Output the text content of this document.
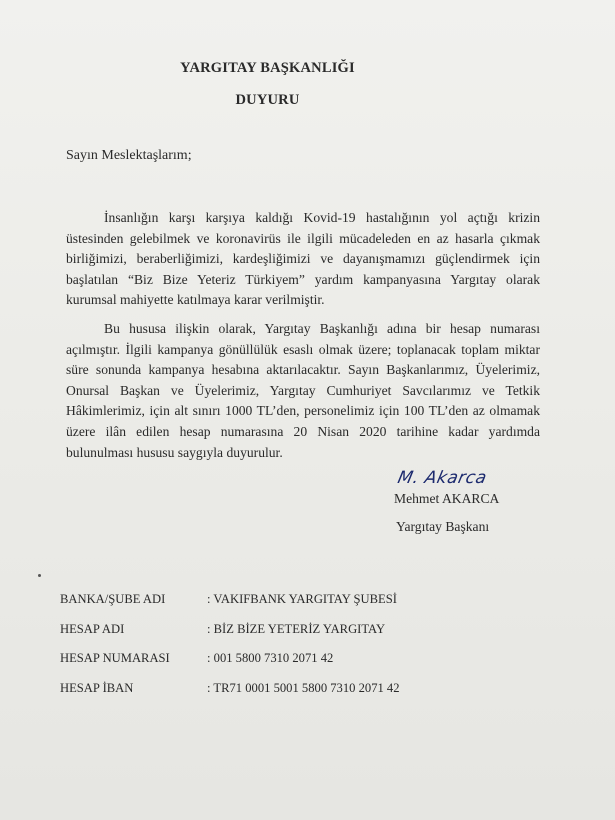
YARGITAY BAŞKANLIĞI
DUYURU
Sayın Meslektaşlarım;

İnsanlığın karşı karşıya kaldığı Kovid-19 hastalığının yol açtığı krizin üstesinden gelebilmek ve koronavirüs ile ilgili mücadeleden en az hasarla çıkmak birliğimizi, beraberliğimizi, kardeşliğimizi ve dayanışmamızı güçlendirmek için başlatılan “Biz Bize Yeteriz Türkiyem” yardım kampanyasına Yargıtay olarak kurumsal mahiyette katılmaya karar verilmiştir.

Bu hususa ilişkin olarak, Yargıtay Başkanlığı adına bir hesap numarası açılmıştır. İlgili kampanya gönüllülük esaslı olmak üzere; toplanacak toplam miktar süre sonunda kampanya hesabına aktarılacaktır. Sayın Başkanlarımız, Üyelerimiz, Onursal Başkan ve Üyelerimiz, Yargıtay Cumhuriyet Savcılarımız ve Tetkik Hâkimlerimiz, için alt sınırı 1000 TL’den, personelimiz için 100 TL’den az olmamak üzere ilân edilen hesap numarasına 20 Nisan 2020 tarihine kadar yardımda bulunulması hususu saygıyla duyurulur.

M. Akarca
Mehmet AKARCA
Yargıtay Başkanı
BANKA/ŞUBE ADI	: VAKIFBANK YARGITAY ŞUBESİ
HESAP ADI	: BİZ BİZE YETERİZ YARGITAY
HESAP NUMARASI	: 001 5800 7310 2071 42
HESAP İBAN	: TR71 0001 5001 5800 7310 2071 42
